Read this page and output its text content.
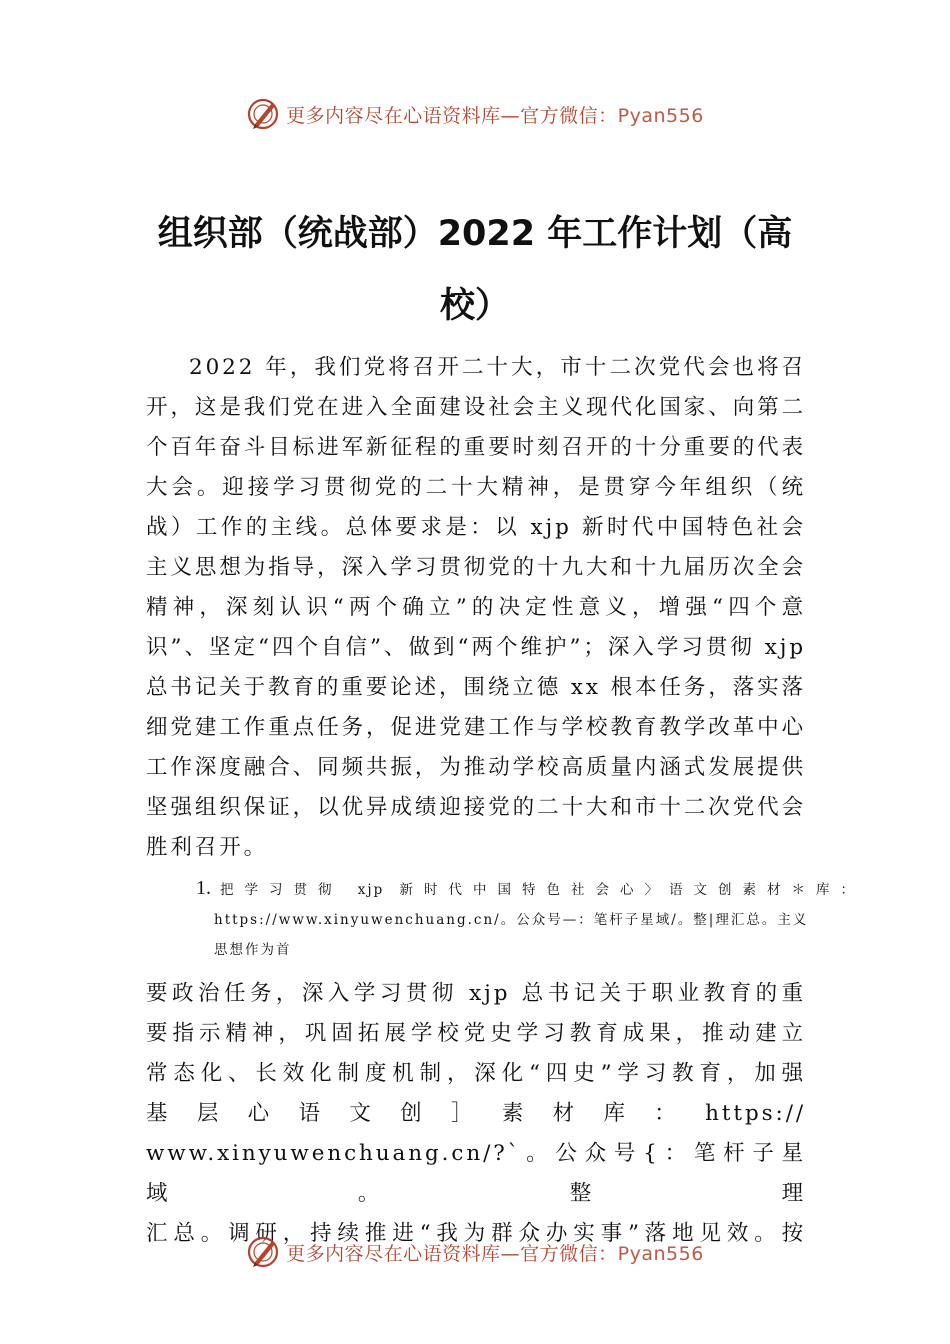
更多内容尽在心语资料库—官方微信：Pyan556
组织部（统战部）2022 年工作计划（高
校）

2022 年，我们党将召开二十大，市十二次党代会也将召开，这是我们党在进入全面建设社会主义现代化国家、向第二个百年奋斗目标进军新征程的重要时刻召开的十分重要的代表大会。迎接学习贯彻党的二十大精神，是贯穿今年组织（统战）工作的主线。总体要求是：以 xjp 新时代中国特色社会主义思想为指导，深入学习贯彻党的十九大和十九届历次全会精神，深刻认识“两个确立”的决定性意义，增强“四个意识”、坚定“四个自信”、做到“两个维护”；深入学习贯彻 xjp 总书记关于教育的重要论述，围绕立德 xx 根本任务，落实落细党建工作重点任务，促进党建工作与学校教育教学改革中心工作深度融合、同频共振，为推动学校高质量内涵式发展提供坚强组织保证，以优异成绩迎接党的二十大和市十二次党代会胜利召开。

1.把学习贯彻 xjp 新时代中国特色社会心〉语文创素材＊库：
https://www.xinyuwenchuang.cn/。公众号—：笔杆子星域/。整|理汇总。主义
思想作为首
要政治任务，深入学习贯彻 xjp 总书记关于职业教育的重
要指示精神，巩固拓展学校党史学习教育成果，推动建立
常态化、长效化制度机制，深化“四史”学习教育，加强
基层心语文创］素材库：https://
www.xinyuwenchuang.cn/?`。公众号{：笔杆子星域。整理
汇总。调研，持续推进“我为群众办实事”落地见效。按
更多内容尽在心语资料库—官方微信：Pyan556
